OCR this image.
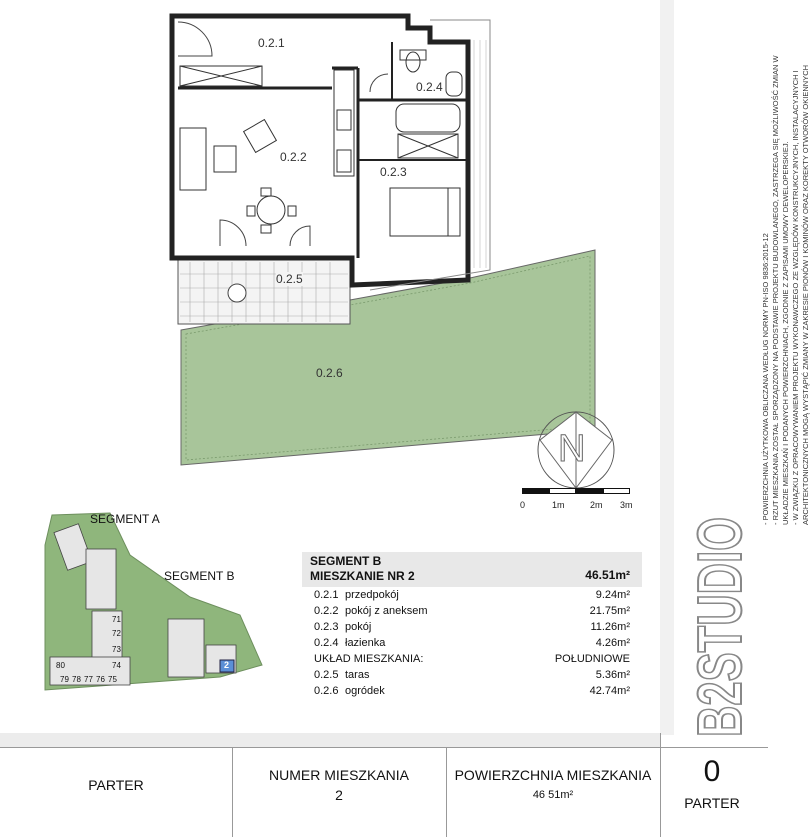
0.2.1
0.2.2
0.2.3
0.2.4
0.2.5
0.2.6
N
0	1m	2m 3m
SEGMENT A
SEGMENT B
80
79 78 77 76 75
74
73
72
71
2
SEGMENT B
MIESZKANIE NR 2	46.51m²
0.2.1 przedpokój	9.24m²
0.2.2 pokój z aneksem	21.75m²
0.2.3 pokój	11.26m²
0.2.4 łazienka	4.26m²
UKŁAD MIESZKANIA:	POŁUDNIOWE
0.2.5 taras	5.36m²
0.2.6 ogródek	42.74m²
- POWIERZCHNIA UŻYTKOWA OBLICZANA WEDŁUG NORMY PN-ISO 9836:2015-12 - RZUT MIESZKANIA ZOSTAŁ SPORZĄDZONY NA PODSTAWIE PROJEKTU BUDOWLANEGO, ZASTRZEGA SIĘ MOŻLIWOŚĆ ZMIAN W UKŁADZIE MIESZKAŃ I PODANYCH POWIERZCHNIACH, ZGODNIE Z ZAPISAMI UMOWY DEWELOPERSKIEJ. - W ZWIĄZKU Z OPRACOWYWANIEM PROJEKTU WYKONAWCZEGO ZE WZGLĘDÓW KONSTRUKCYJNYCH, INSTALACYJNYCH I ARCHITEKTONICZNYCH MOGĄ WYSTĄPIĆ ZMIANY W ZAKRESIE PIONÓW I KOMINÓW ORAZ KOREKTY OTWORÓW OKIENNYCH
B2STUDIO
PARTER
NUMER MIESZKANIA
2
POWIERZCHNIA MIESZKANIA
46 51m²
0
PARTER
